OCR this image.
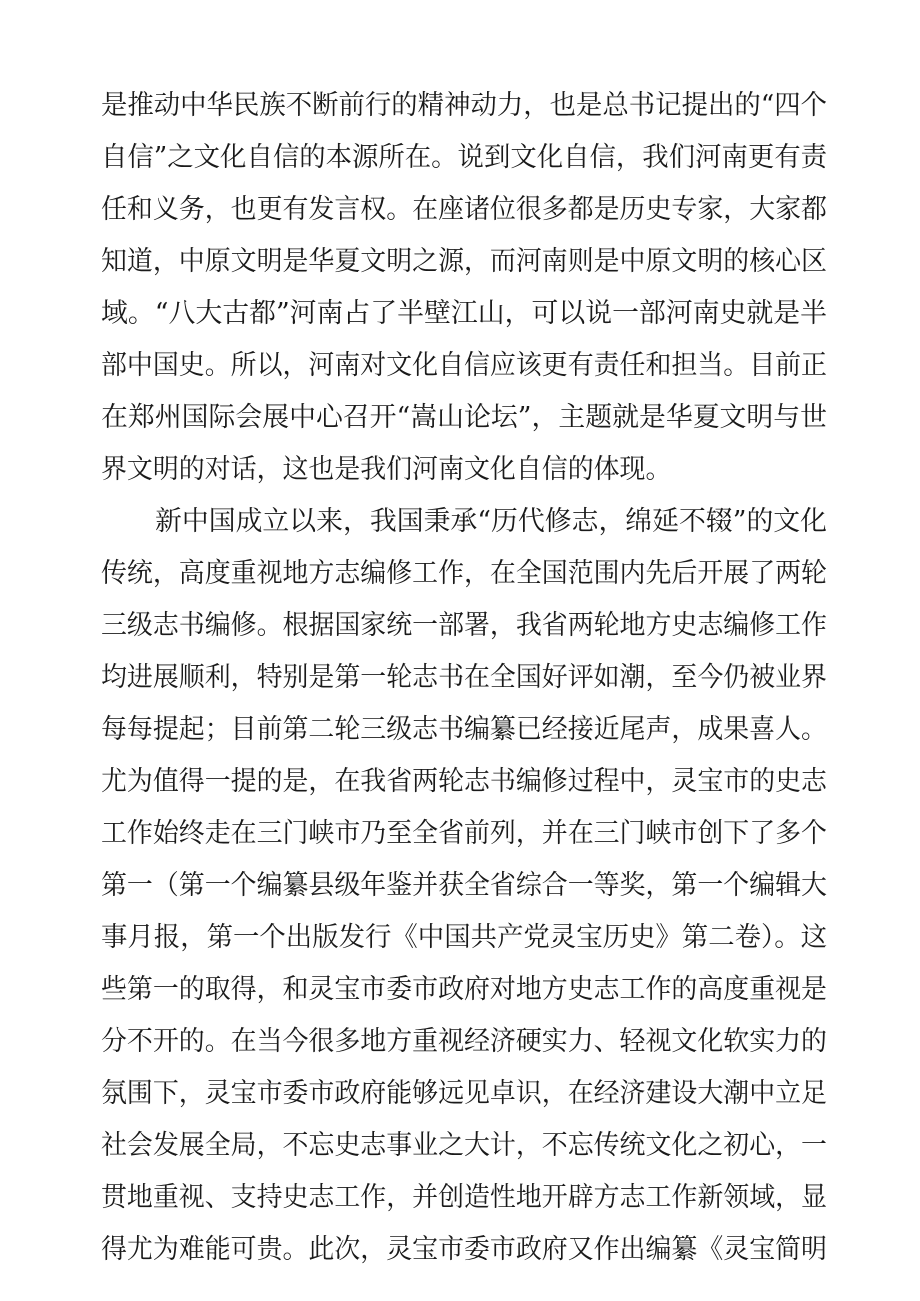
是推动中华民族不断前行的精神动力，也是总书记提出的“四个
自信”之文化自信的本源所在。说到文化自信，我们河南更有责
任和义务，也更有发言权。在座诸位很多都是历史专家，大家都
知道，中原文明是华夏文明之源，而河南则是中原文明的核心区
域。“八大古都”河南占了半壁江山，可以说一部河南史就是半
部中国史。所以，河南对文化自信应该更有责任和担当。目前正
在郑州国际会展中心召开“嵩山论坛”，主题就是华夏文明与世
界文明的对话，这也是我们河南文化自信的体现。
新中国成立以来，我国秉承“历代修志，绵延不辍”的文化
传统，高度重视地方志编修工作，在全国范围内先后开展了两轮
三级志书编修。根据国家统一部署，我省两轮地方史志编修工作
均进展顺利，特别是第一轮志书在全国好评如潮，至今仍被业界
每每提起；目前第二轮三级志书编纂已经接近尾声，成果喜人。
尤为值得一提的是，在我省两轮志书编修过程中，灵宝市的史志
工作始终走在三门峡市乃至全省前列，并在三门峡市创下了多个
第一（第一个编纂县级年鉴并获全省综合一等奖，第一个编辑大
事月报，第一个出版发行《中国共产党灵宝历史》第二卷）。这
些第一的取得，和灵宝市委市政府对地方史志工作的高度重视是
分不开的。在当今很多地方重视经济硬实力、轻视文化软实力的
氛围下，灵宝市委市政府能够远见卓识，在经济建设大潮中立足
社会发展全局，不忘史志事业之大计，不忘传统文化之初心，一
贯地重视、支持史志工作，并创造性地开辟方志工作新领域，显
得尤为难能可贵。此次，灵宝市委市政府又作出编纂《灵宝简明
